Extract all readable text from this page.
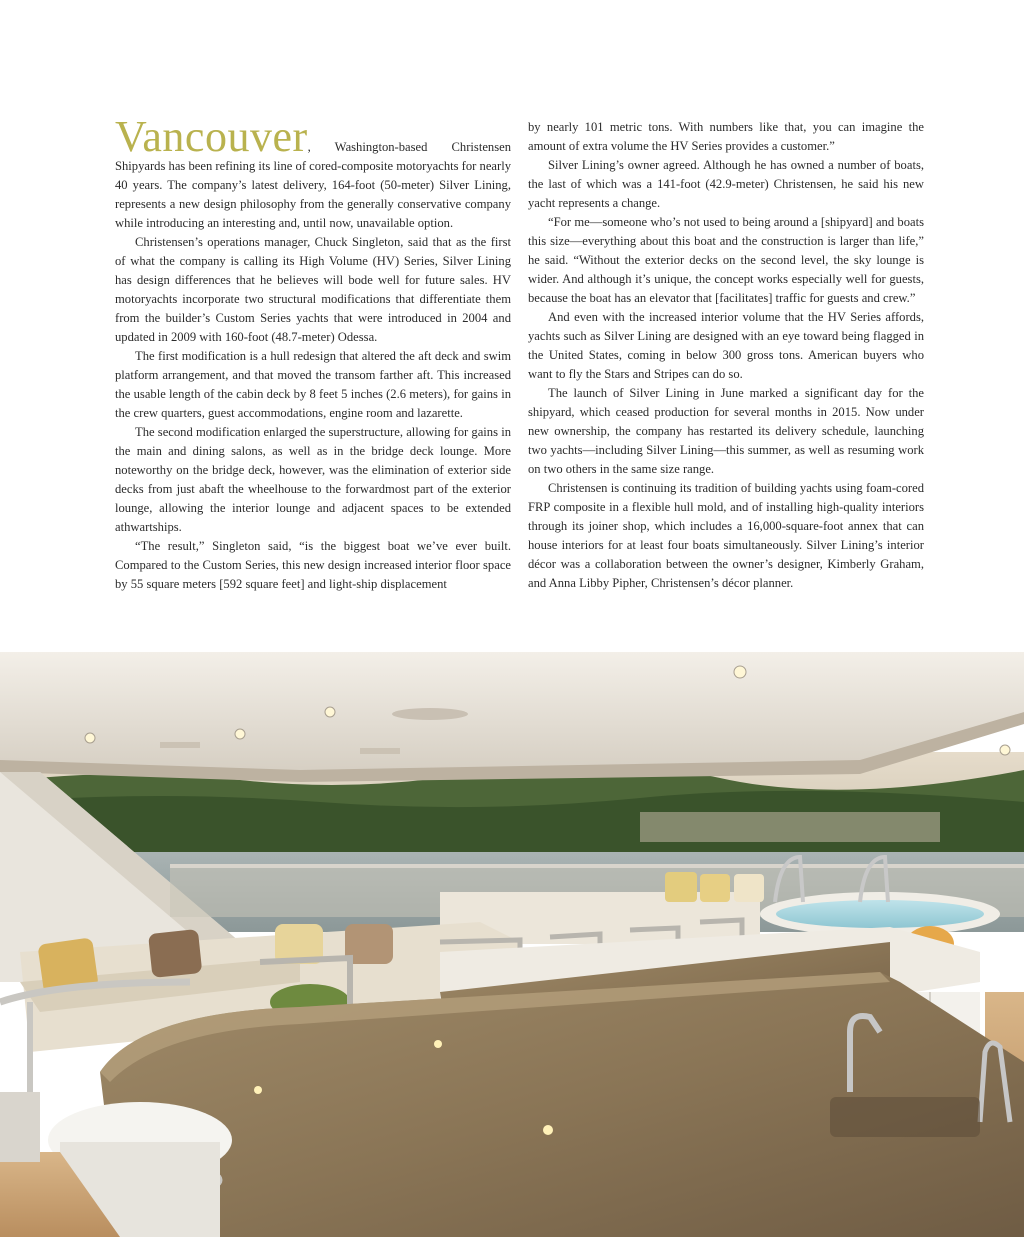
Vancouver, Washington-based Christensen Shipyards has been refining its line of cored-composite motoryachts for nearly 40 years. The company’s latest delivery, 164-foot (50-meter) Silver Lining, represents a new design philosophy from the generally conservative company while introducing an interesting and, until now, unavailable option.

Christensen’s operations manager, Chuck Singleton, said that as the first of what the company is calling its High Volume (HV) Series, Silver Lining has design differences that he believes will bode well for future sales. HV motoryachts incorporate two structural modifications that differentiate them from the builder’s Custom Series yachts that were introduced in 2004 and updated in 2009 with 160-foot (48.7-meter) Odessa.

The first modification is a hull redesign that altered the aft deck and swim platform arrangement, and that moved the transom farther aft. This increased the usable length of the cabin deck by 8 feet 5 inches (2.6 meters), for gains in the crew quarters, guest accommodations, engine room and lazarette.

The second modification enlarged the superstructure, allowing for gains in the main and dining salons, as well as in the bridge deck lounge. More noteworthy on the bridge deck, however, was the elimination of exterior side decks from just abaft the wheelhouse to the forwardmost part of the exterior lounge, allowing the interior lounge and adjacent spaces to be extended athwartships.

“The result,” Singleton said, “is the biggest boat we’ve ever built. Compared to the Custom Series, this new design increased interior floor space by 55 square meters [592 square feet] and light-ship displacement

by nearly 101 metric tons. With numbers like that, you can imagine the amount of extra volume the HV Series provides a customer.”

Silver Lining’s owner agreed. Although he has owned a number of boats, the last of which was a 141-foot (42.9-meter) Christensen, he said his new yacht represents a change.

“For me—someone who’s not used to being around a [shipyard] and boats this size—everything about this boat and the construction is larger than life,” he said. “Without the exterior decks on the second level, the sky lounge is wider. And although it’s unique, the concept works especially well for guests, because the boat has an elevator that [facilitates] traffic for guests and crew.”

And even with the increased interior volume that the HV Series affords, yachts such as Silver Lining are designed with an eye toward being flagged in the United States, coming in below 300 gross tons. American buyers who want to fly the Stars and Stripes can do so.

The launch of Silver Lining in June marked a significant day for the shipyard, which ceased production for several months in 2015. Now under new ownership, the company has restarted its delivery schedule, launching two yachts—including Silver Lining—this summer, as well as resuming work on two others in the same size range.

Christensen is continuing its tradition of building yachts using foam-cored FRP composite in a flexible hull mold, and of installing high-quality interiors through its joiner shop, which includes a 16,000-square-foot annex that can house interiors for at least four boats simultaneously. Silver Lining’s interior décor was a collaboration between the owner’s designer, Kimberly Graham, and Anna Libby Pipher, Christensen’s décor planner.
